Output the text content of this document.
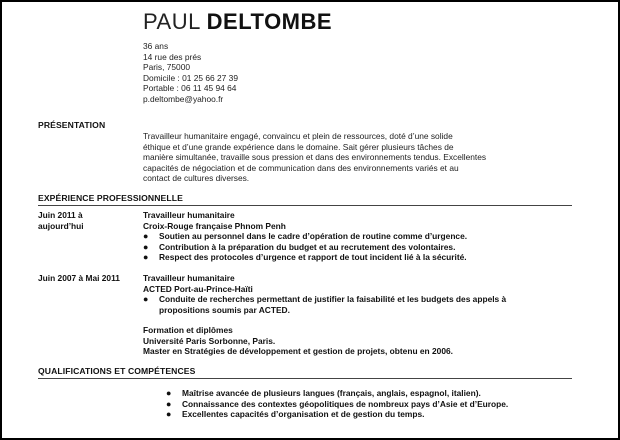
PAUL DELTOMBE
36 ans
14 rue des prés
Paris, 75000
Domicile : 01 25 66 27 39
Portable : 06 11 45 94 64
p.deltombe@yahoo.fr
PRÉSENTATION
Travailleur humanitaire engagé, convaincu et plein de ressources, doté d’une solide
éthique et d’une grande expérience dans le domaine. Sait gérer plusieurs tâches de
manière simultanée, travaille sous pression et dans des environnements tendus. Excellentes
capacités de négociation et de communication dans des environnements variés et au
contact de cultures diverses.
EXPÉRIENCE PROFESSIONNELLE
Juin 2011 à
aujourd’hui
Travailleur humanitaire
Croix-Rouge française Phnom Penh
● Soutien au personnel dans le cadre d’opération de routine comme d’urgence.
● Contribution à la préparation du budget et au recrutement des volontaires.
● Respect des protocoles d’urgence et rapport de tout incident lié à la sécurité.
Juin 2007 à Mai 2011	Travailleur humanitaire
ACTED Port-au-Prince-Haïti
● Conduite de recherches permettant de justifier la faisabilité et les budgets des appels à
propositions soumis par ACTED.
Formation et diplômes
Université Paris Sorbonne, Paris.
Master en Stratégies de développement et gestion de projets, obtenu en 2006.
QUALIFICATIONS ET COMPÉTENCES
● Maîtrise avancée de plusieurs langues (français, anglais, espagnol, italien).
● Connaissance des contextes géopolitiques de nombreux pays d’Asie et d’Europe.
● Excellentes capacités d’organisation et de gestion du temps.
